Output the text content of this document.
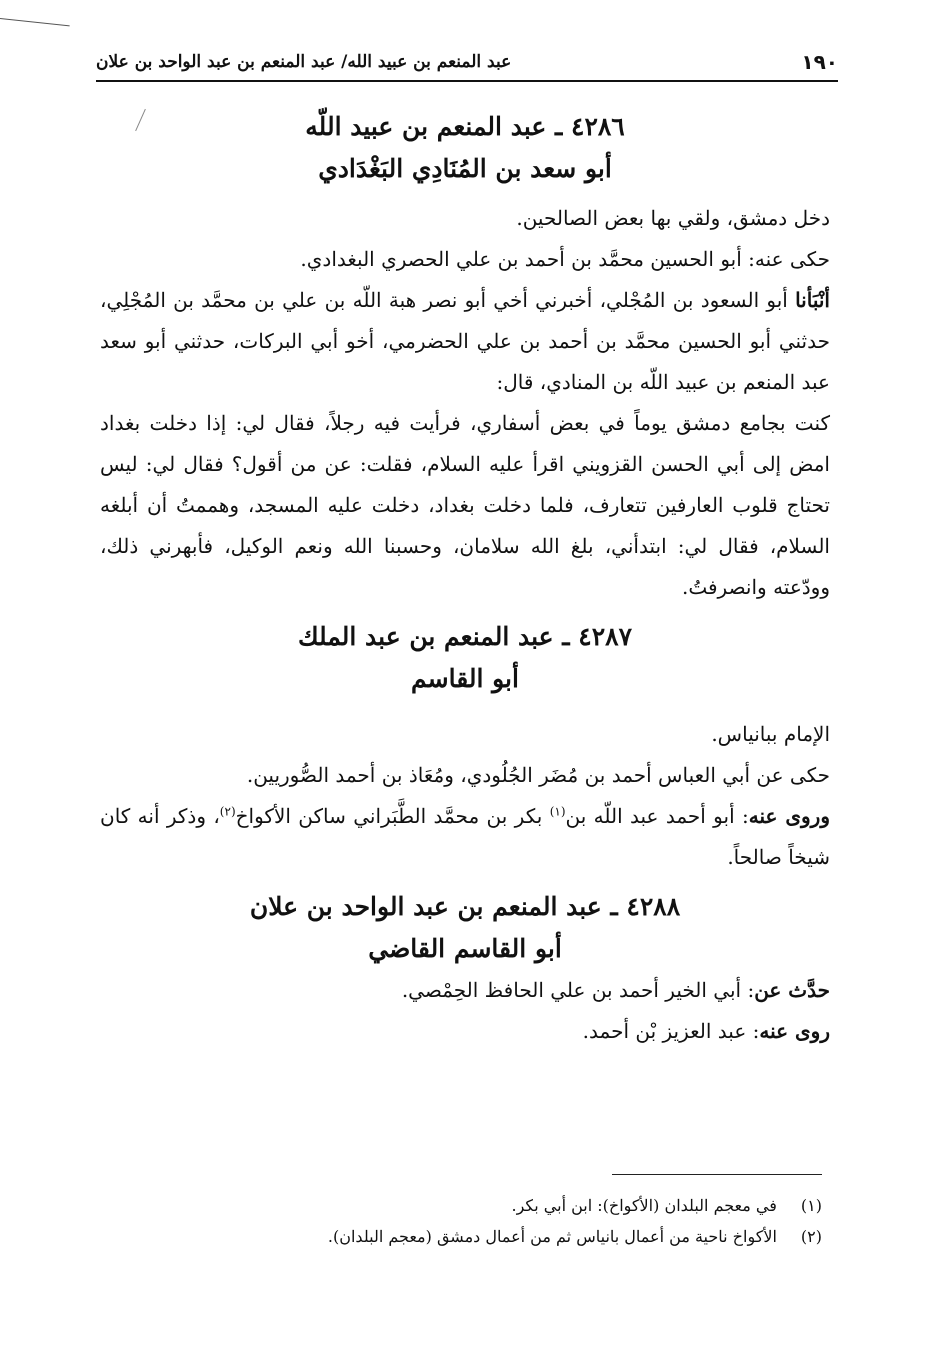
١٩٠
عبد المنعم بن عبيد الله/ عبد المنعم بن عبد الواحد بن علان
٤٢٨٦ ـ عبد المنعم بن عبيد اللّه
أبو سعد بن المُنَادِي البَغْدَادي

دخل دمشق، ولقي بها بعض الصالحين.

حكى عنه: أبو الحسين محمَّد بن أحمد بن علي الحصري البغدادي.

أنْبَأنا أبو السعود بن المُجْلي، أخبرني أخي أبو نصر هبة اللّه بن علي بن محمَّد بن المُجْلِي، حدثني أبو الحسين محمَّد بن أحمد بن علي الحضرمي، أخو أبي البركات، حدثني أبو سعد عبد المنعم بن عبيد اللّه بن المنادي، قال:

كنت بجامع دمشق يوماً في بعض أسفاري، فرأيت فيه رجلاً، فقال لي: إذا دخلت بغداد امض إلى أبي الحسن القزويني اقرأ عليه السلام، فقلت: عن من أقول؟ فقال لي: ليس تحتاج قلوب العارفين تتعارف، فلما دخلت بغداد، دخلت عليه المسجد، وهممتُ أن أبلغه السلام، فقال لي: ابتدأني، بلغ الله سلامان، وحسبنا الله ونعم الوكيل، فأبهرني ذلك، وودّعته وانصرفتُ.

٤٢٨٧ ـ عبد المنعم بن عبد الملك
أبو القاسم

الإمام ببانياس.

حكى عن أبي العباس أحمد بن مُضَر الجُلُودي، ومُعَاذ بن أحمد الصُّوريين.

وروى عنه: أبو أحمد عبد اللّه بن$^{(١)}$ بكر بن محمَّد الطَّبَراني ساكن الأكواخ$^{(٢)}$، وذكر أنه كان شيخاً صالحاً.

٤٢٨٨ ـ عبد المنعم بن عبد الواحد بن علان
أبو القاسم القاضي

حدَّث عن: أبي الخير أحمد بن علي الحافظ الحِمْصي.

روى عنه: عبد العزيز بْن أحمد.

(١) في معجم البلدان (الأكواخ): ابن أبي بكر.
(٢) الأكواخ ناحية من أعمال بانياس ثم من أعمال دمشق (معجم البلدان).
